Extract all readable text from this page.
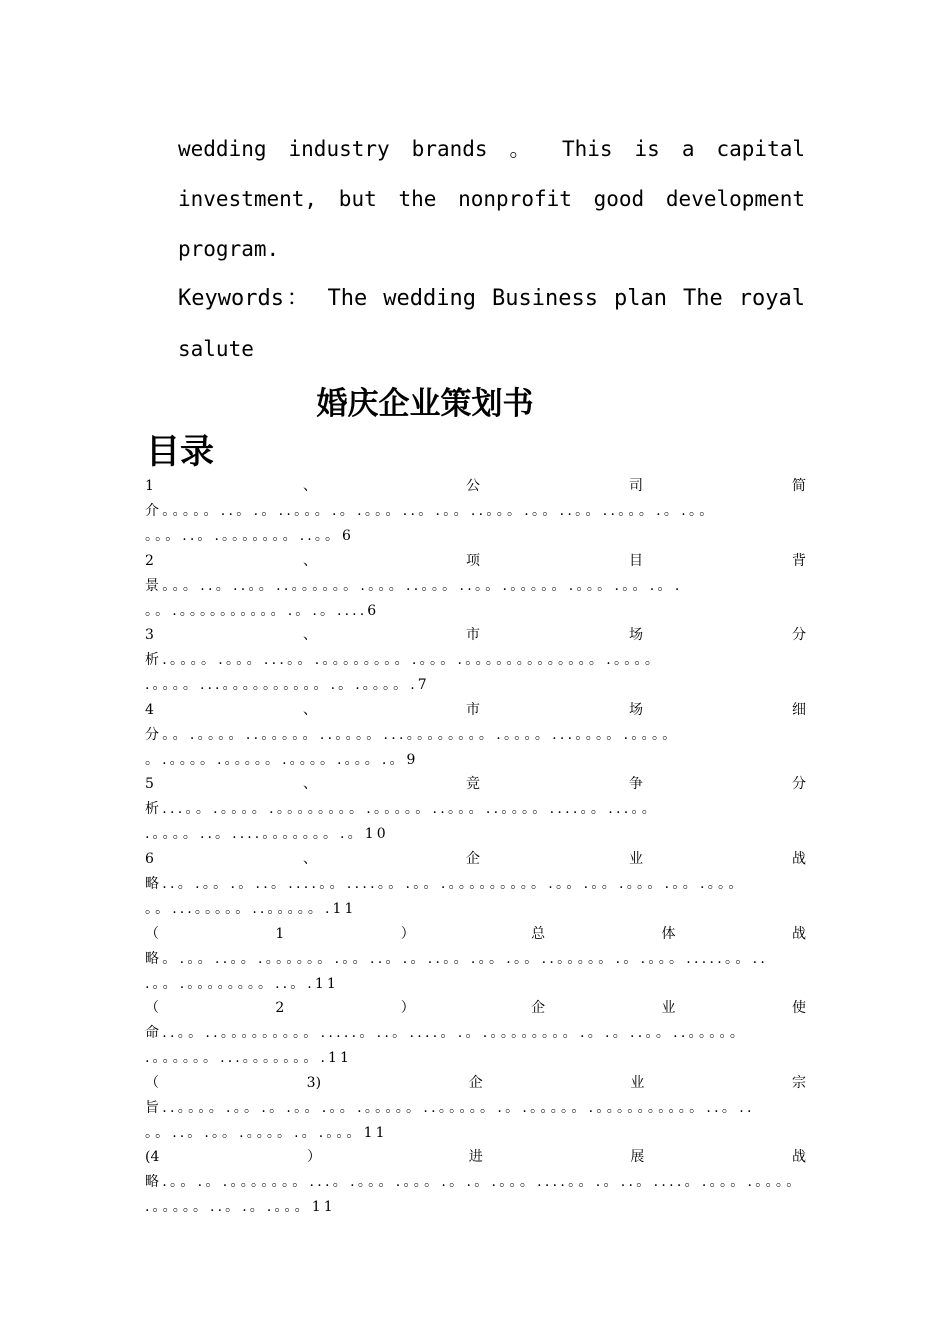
wedding industry brands 。 This is a capital
investment, but the nonprofit good development
program.
Keywords： The wedding Business plan The royal
salute
婚庆企业策划书
目录
1	、	公	司	简
介。。。。。..。.。..。。。.。.。。。..。.。。..。。。.。。..。。..。。。.。.。。
。。。..。.。。。。。。。..。。6
2	、	项	目	背
景。。。..。..。。..。。。。。。.。。。..。。。..。。.。。。。。.。。。.。。.。.
。。.。。。。。。。。。。.。.。....6
3	、	市	场	分
析.。。。。.。。。...。。.。。。。。。。。.。。。.。。。。。。。。。。。。。.。。。。
.。。。。...。。。。。。。。。。.。.。。。。.7
4	、	市	场	细
分。。.。。。。..。。。。。..。。。。...。。。。。。。。.。。。。...。。。。.。。。。
。.。。。。.。。。。。.。。。。.。。。.。9
5	、	竞	争	分
析...。。.。。。。.。。。。。。。。.。。。。。..。。。..。。。。....。。...。。
.。。。。..。....。。。。。。。.。10
6	、	企	业	战
略..。.。。.。..。....。。....。。.。。.。。。。。。。。。.。。.。。.。。。.。。.。。。
。。...。。。。。..。。。。。.11
（	1	）	总	体	战
略。.。。..。。.。。。。。。.。。..。.。..。。.。。.。。..。。。。。.。.。。。.....。。..
.。。.。。。。。。。。..。.11
（	2	）	企	业	使
命..。。..。。。。。。。。。.....。..。....。.。.。。。。。。。。.。.。..。。..。。。。。
.。。。。。。...。。。。。。。.11
（	3)	企	业	宗
旨..。。。。.。。.。.。。.。。.。。。。。..。。。。。.。.。。。。。.。。。。。。。。。。..。..
。。..。.。。.。。。。.。.。。。11
(4	）	进	展	战
略.。。.。.。。。。。。。...。.。。。.。。。.。.。.。。。....。。.。..。....。.。。。.。。。。
.。。。。。..。.。.。。。11
